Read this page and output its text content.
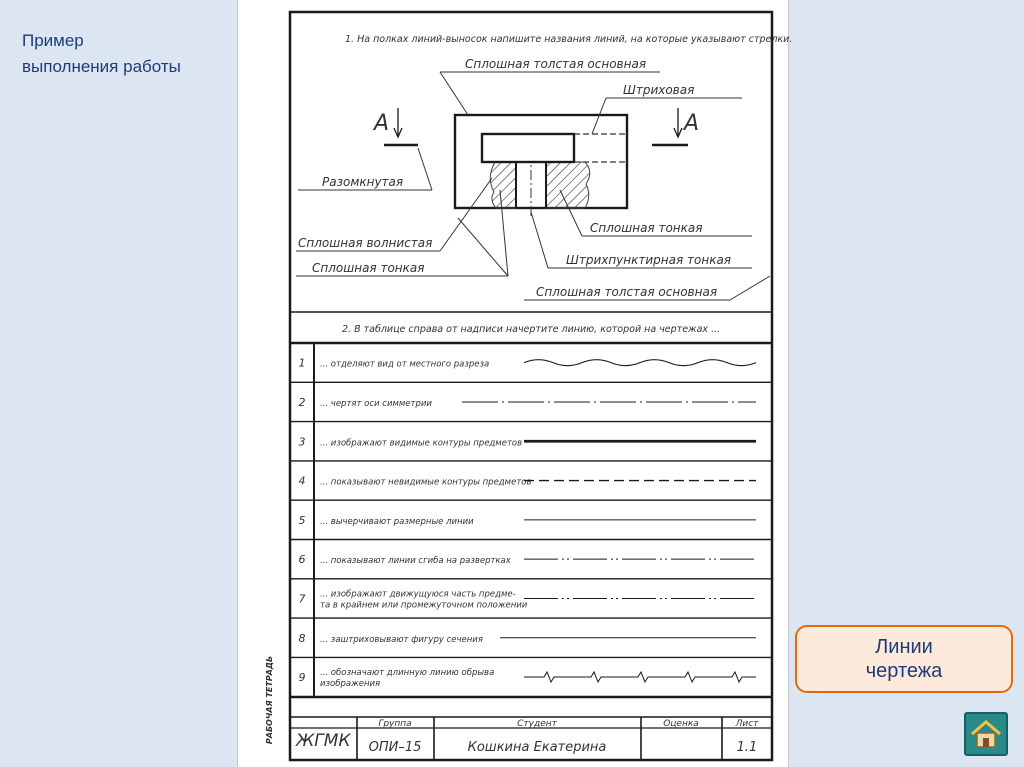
Пример
выполнения работы
РАБОЧАЯ ТЕТРАДЬ
1. На полках линий-выносок напишите названия линий, на которые указывают стрелки.
А	А
Сплошная толстая основная
Штриховая
Разомкнутая
Сплошная волнистая
Сплошная тонкая
Сплошная тонкая
Штрихпунктирная тонкая
Сплошная толстая основная
2. В таблице справа от надписи начертите линию, которой на чертежах ...
1 ... отделяют вид от местного разреза
2 ... чертят оси симметрии
3 ... изображают видимые контуры предметов
4 ... показывают невидимые контуры предметов
5 ... вычерчивают размерные линии
6 ... показывают линии сгиба на развертках
7 ... изображают движущуюся часть предме-
та в крайнем или промежуточном положении
8 ... заштриховывают фигуру сечения
9 ... обозначают длинную линию обрыва
изображения
ЖГМК
Группа
ОПИ–15
Студент
Кошкина Екатерина
Оценка	Лист
1.1
Линии
чертежа
